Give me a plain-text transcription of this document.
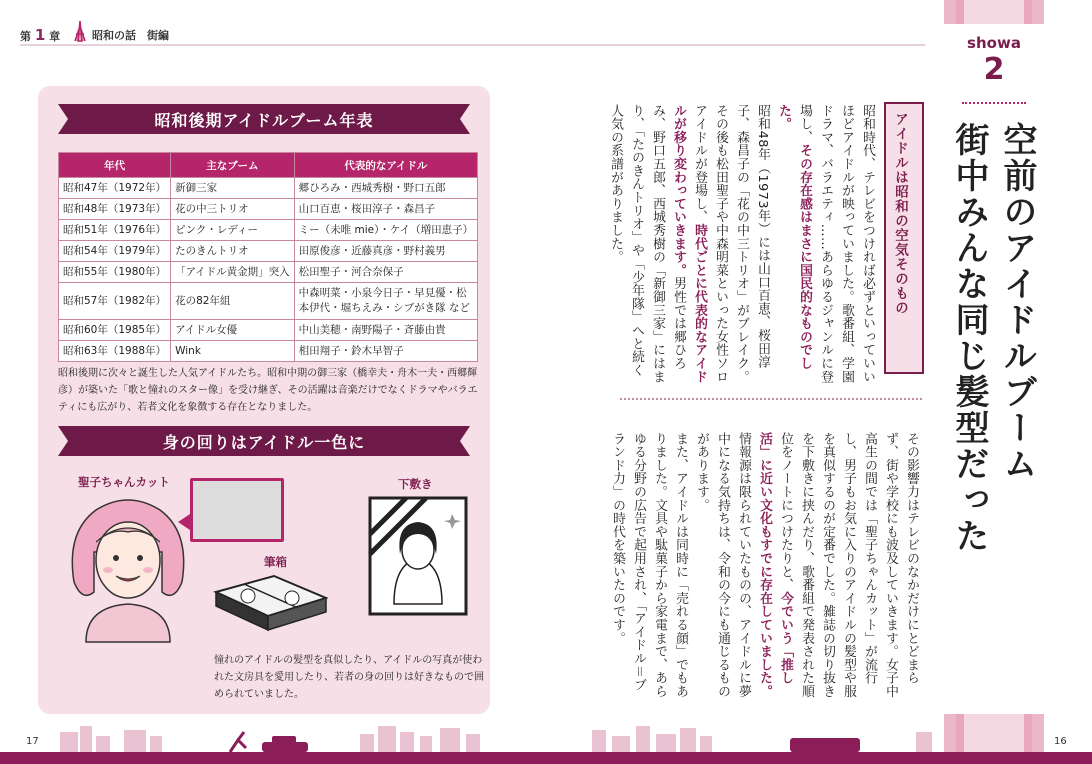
第 1 章	昭和の話　街編
昭和後期アイドルブーム年表
年代	主なブーム	代表的なアイドル
昭和47年（1972年）	新御三家	郷ひろみ・西城秀樹・野口五郎
昭和48年（1973年）	花の中三トリオ	山口百恵・桜田淳子・森昌子
昭和51年（1976年）	ピンク・レディー	ミー（未唯 mie）・ケイ（増田恵子）
昭和54年（1979年）	たのきんトリオ	田原俊彦・近藤真彦・野村義男
昭和55年（1980年）	「アイドル黄金期」突入	松田聖子・河合奈保子
昭和57年（1982年）	花の82年組	中森明菜・小泉今日子・早見優・松本伊代・堀ちえみ・シブがき隊 など
昭和60年（1985年）	アイドル女優	中山美穂・南野陽子・斉藤由貴
昭和63年（1988年）	Wink	相田翔子・鈴木早智子
昭和後期に次々と誕生した人気アイドルたち。昭和中期の御三家（橋幸夫・舟木一夫・西郷輝彦）が築いた「歌と憧れのスター像」を受け継ぎ、その活躍は音楽だけでなくドラマやバラエティにも広がり、若者文化を象徴する存在となりました。
身の回りはアイドル一色に
聖子ちゃんカット
筆箱
下敷き
憧れのアイドルの髪型を真似したり、アイドルの写真が使われた文房具を愛用したり、若者の身の回りは好きなもので囲められていました。
showa
2
空前のアイドルブーム
街中みんな同じ髪型だった
アイドルは昭和の空気そのもの
昭和時代、テレビをつければ必ずといっていいほどアイドルが映っていました。歌番組、学園ドラマ、バラエティ……あらゆるジャンルに登場し、その存在感はまさに国民的なものでした。
昭和48年（1973年）には山口百恵、桜田淳子、森昌子の「花の中三トリオ」がブレイク。その後も松田聖子や中森明菜といった女性ソロアイドルが登場し、時代ごとに代表的なアイドルが移り変わっていきます。男性では郷ひろみ、野口五郎、西城秀樹の「新御三家」にはまり、「たのきんトリオ」や「少年隊」へと続く人気の系譜がありました。
その影響力はテレビのなかだけにとどまらず、街や学校にも波及していきます。女子中高生の間では「聖子ちゃんカット」が流行し、男子もお気に入りのアイドルの髪型や服を真似するのが定番でした。雑誌の切り抜きを下敷きに挟んだり、歌番組で発表された順位をノートにつけたりと、今でいう「推し活」に近い文化もすでに存在していました。情報源は限られていたものの、アイドルに夢中になる気持ちは、令和の今にも通じるものがあります。
また、アイドルは同時に「売れる顔」でもありました。文具や駄菓子から家電まで、あらゆる分野の広告で起用され、「アイドル＝ブランド力」の時代を築いたのです。
17	16
